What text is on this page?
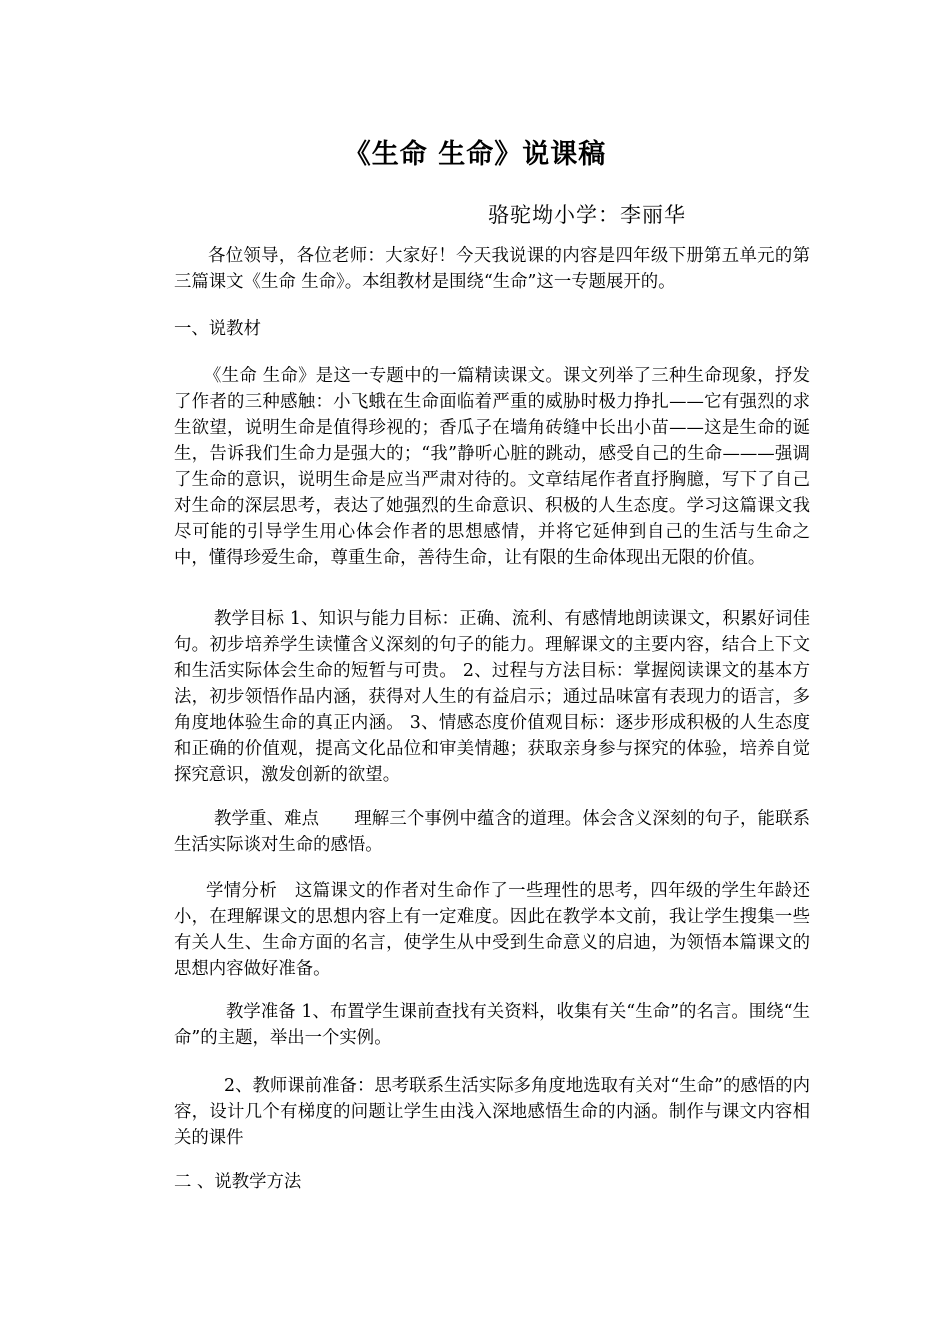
《生命 生命》说课稿
骆驼坳小学：李丽华

各位领导，各位老师：大家好！今天我说课的内容是四年级下册第五单元的第三篇课文《生命 生命》。本组教材是围绕“生命”这一专题展开的。

一、说教材

《生命 生命》是这一专题中的一篇精读课文。课文列举了三种生命现象，抒发了作者的三种感触：小飞蛾在生命面临着严重的威胁时极力挣扎——它有强烈的求生欲望，说明生命是值得珍视的；香瓜子在墙角砖缝中长出小苗——这是生命的诞生，告诉我们生命力是强大的；“我”静听心脏的跳动，感受自己的生命———强调了生命的意识，说明生命是应当严肃对待的。文章结尾作者直抒胸臆，写下了自己对生命的深层思考，表达了她强烈的生命意识、积极的人生态度。学习这篇课文我尽可能的引导学生用心体会作者的思想感情，并将它延伸到自己的生活与生命之中，懂得珍爱生命，尊重生命，善待生命，让有限的生命体现出无限的价值。

教学目标 1、知识与能力目标：正确、流利、有感情地朗读课文，积累好词佳句。初步培养学生读懂含义深刻的句子的能力。理解课文的主要内容，结合上下文和生活实际体会生命的短暂与可贵。 2、过程与方法目标：掌握阅读课文的基本方法，初步领悟作品内涵，获得对人生的有益启示；通过品味富有表现力的语言，多角度地体验生命的真正内涵。 3、情感态度价值观目标：逐步形成积极的人生态度和正确的价值观，提高文化品位和审美情趣；获取亲身参与探究的体验，培养自觉探究意识，激发创新的欲望。

教学重、难点　　理解三个事例中蕴含的道理。体会含义深刻的句子，能联系生活实际谈对生命的感悟。

学情分析　这篇课文的作者对生命作了一些理性的思考，四年级的学生年龄还小，在理解课文的思想内容上有一定难度。因此在教学本文前，我让学生搜集一些有关人生、生命方面的名言，使学生从中受到生命意义的启迪，为领悟本篇课文的思想内容做好准备。

教学准备 1、布置学生课前查找有关资料，收集有关“生命”的名言。围绕“生命”的主题，举出一个实例。

2、教师课前准备：思考联系生活实际多角度地选取有关对“生命”的感悟的内容，设计几个有梯度的问题让学生由浅入深地感悟生命的内涵。制作与课文内容相关的课件

二 、说教学方法
